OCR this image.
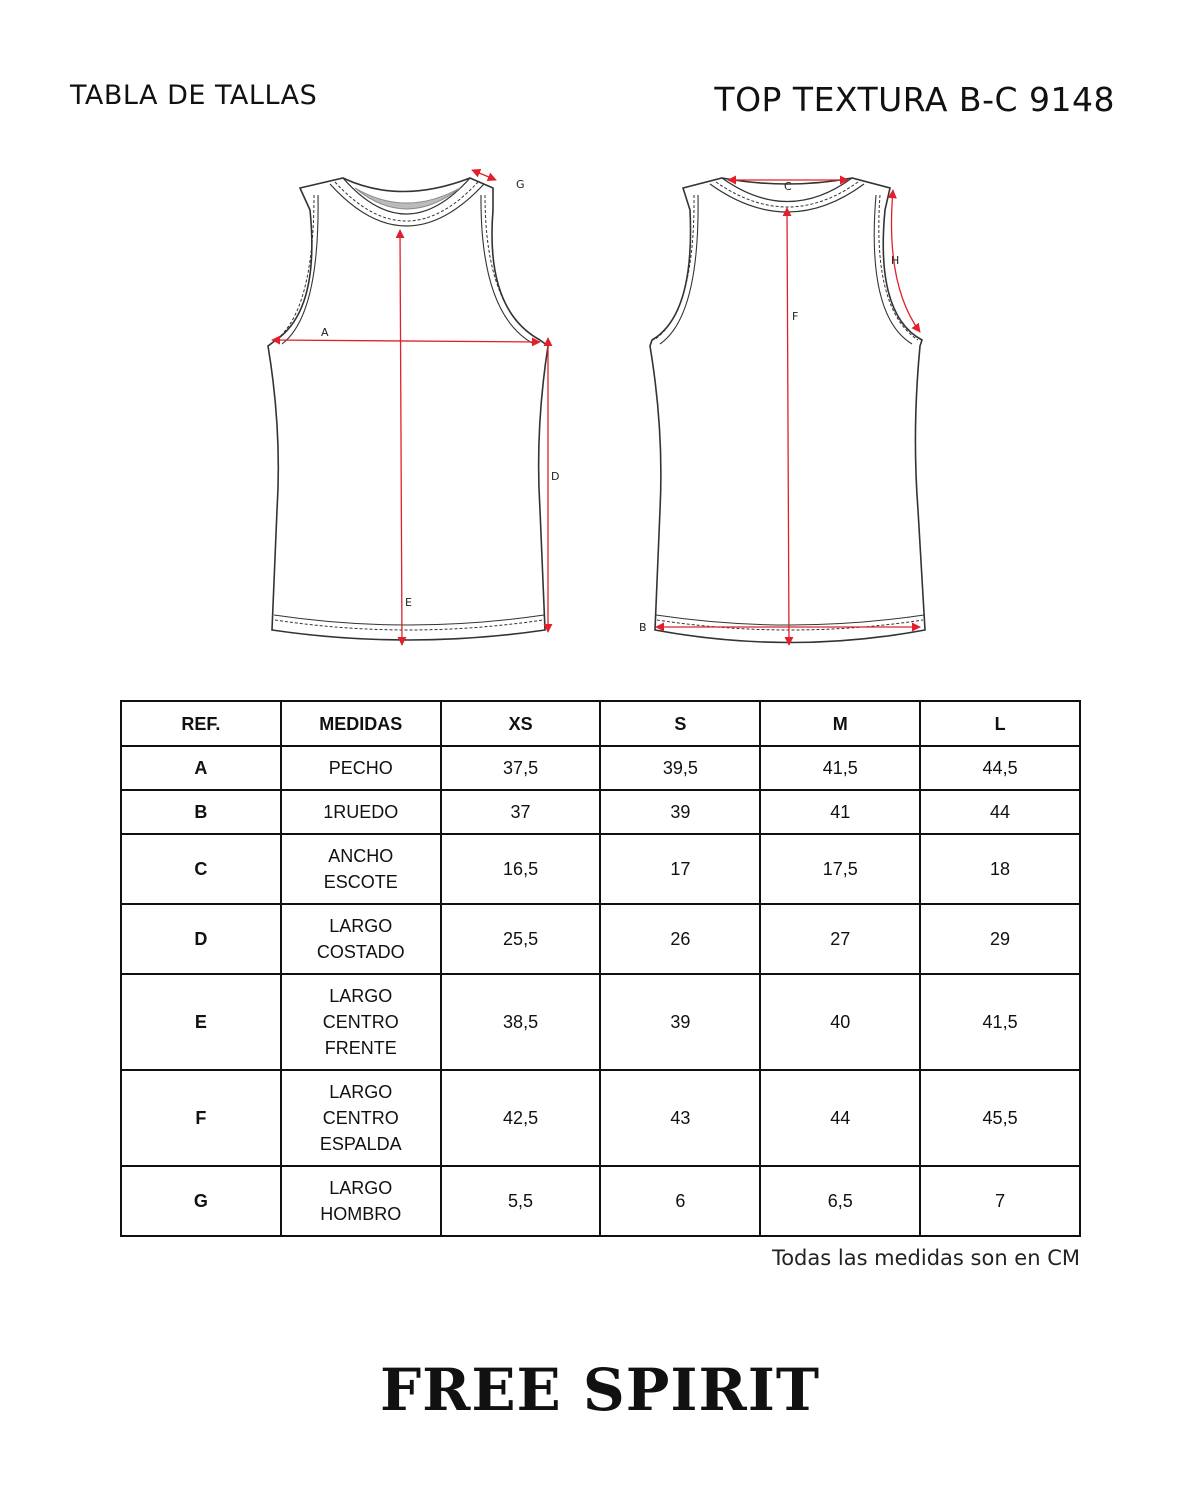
TABLA DE TALLAS	TOP TEXTURA B-C 9148
A
B
C
D
E
F
G
H
REF.	MEDIDAS	XS	S	M	L
A	PECHO	37,5	39,5	41,5	44,5
B	1RUEDO	37	39	41	44
C	ANCHO
ESCOTE	16,5	17	17,5	18
D	LARGO
COSTADO	25,5	26	27	29
E	LARGO
CENTRO
FRENTE	38,5	39	40	41,5
F	LARGO
CENTRO
ESPALDA	42,5	43	44	45,5
G	LARGO
HOMBRO	5,5	6	6,5	7
Todas las medidas son en CM
FREE SPIRIT
